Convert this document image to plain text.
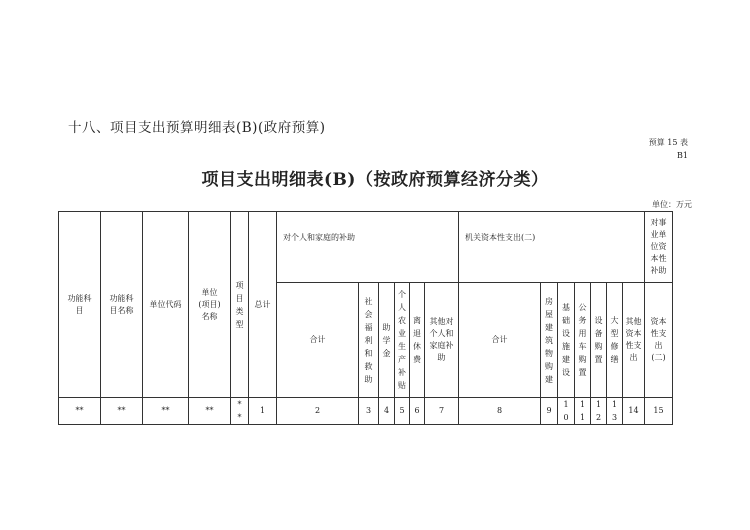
十八、项目支出预算明细表(B)(政府预算)
预算 15 表
B1
项目支出明细表(B)（按政府预算经济分类）
单位：万元
功能科目	功能科目名称	单位代码	单位(项目)名称	项目类型	总计	对个人和家庭的补助						机关资本性支出(二)							对事业单位资本性补助
						合计	社会福利和救助	助学金	个人农业生产补贴	离退休费	其他对个人和家庭补助	合计	房屋建筑物购建	基础设施建设	公务用车购置	设备购置	大型修缮	其他资本性支出	资本性支出(二)
**	**	**	**	**	1	2	3	4	5	6	7	8	9	10	11	12	13	14	15
